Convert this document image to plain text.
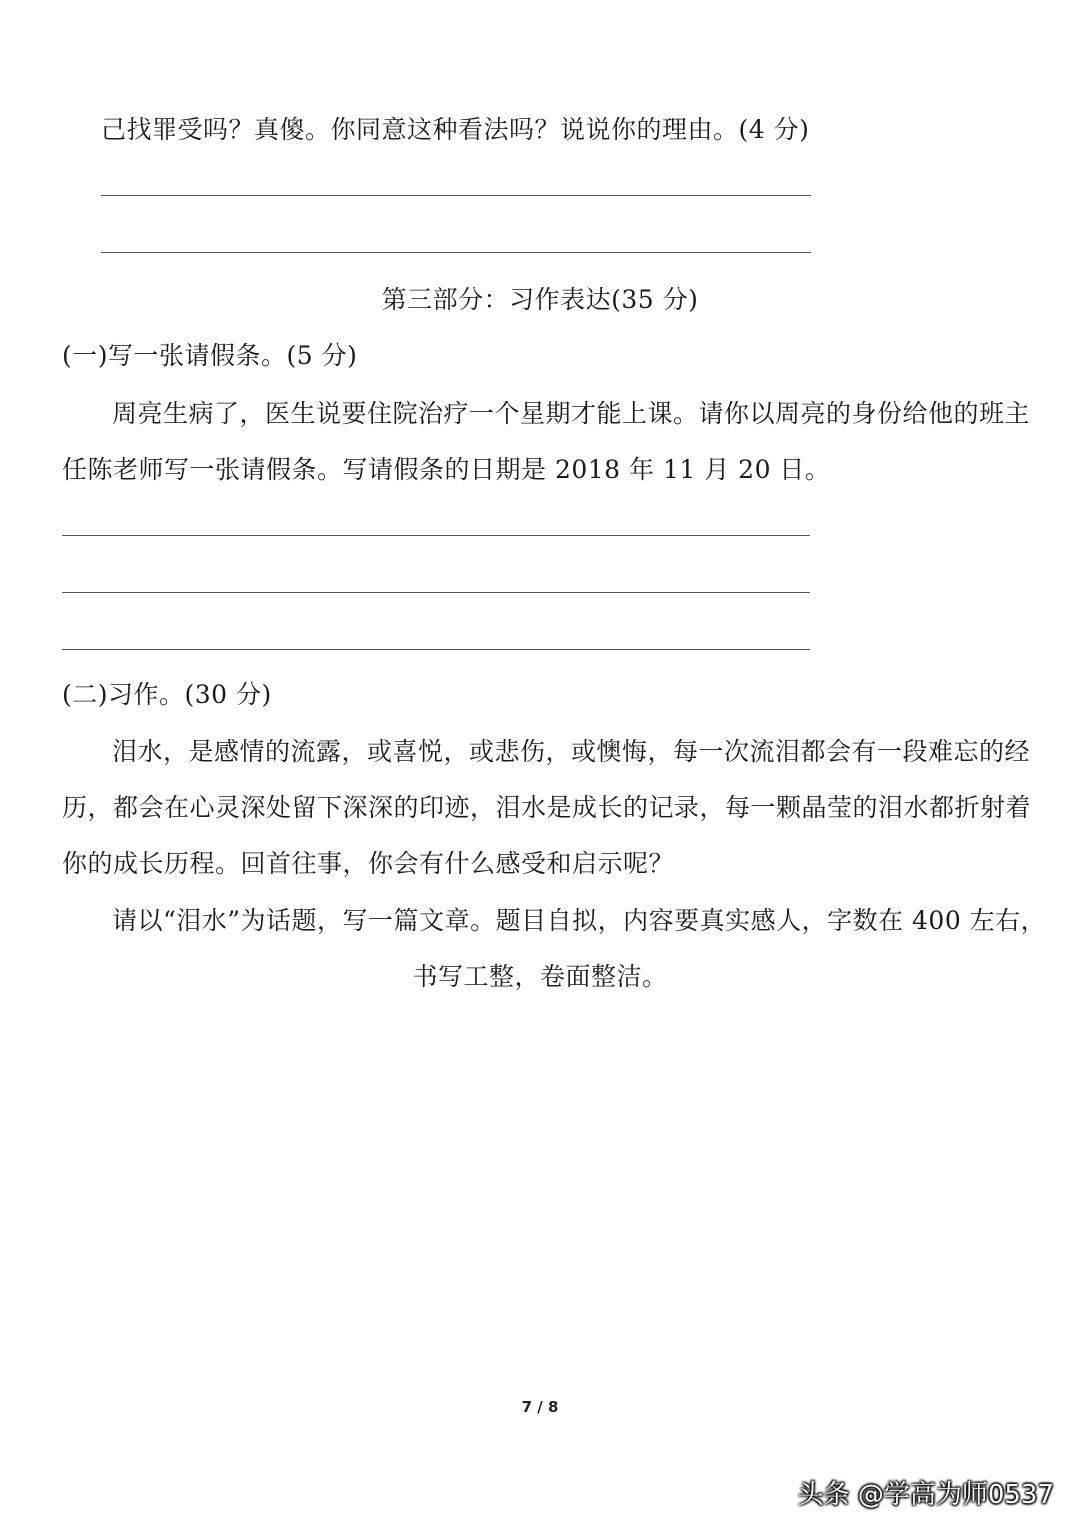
己找罪受吗？真傻。你同意这种看法吗？说说你的理由。(4 分)
第三部分：习作表达(35 分)
(一)写一张请假条。(5 分)
周亮生病了，医生说要住院治疗一个星期才能上课。请你以周亮的身份给他的班主
任陈老师写一张请假条。写请假条的日期是 2018 年 11 月 20 日。
(二)习作。(30 分)
泪水，是感情的流露，或喜悦，或悲伤，或懊悔，每一次流泪都会有一段难忘的经
历，都会在心灵深处留下深深的印迹，泪水是成长的记录，每一颗晶莹的泪水都折射着
你的成长历程。回首往事，你会有什么感受和启示呢？
请以“泪水”为话题，写一篇文章。题目自拟，内容要真实感人，字数在 400 左右，
书写工整，卷面整洁。
7 / 8
头条 @学高为师0537
